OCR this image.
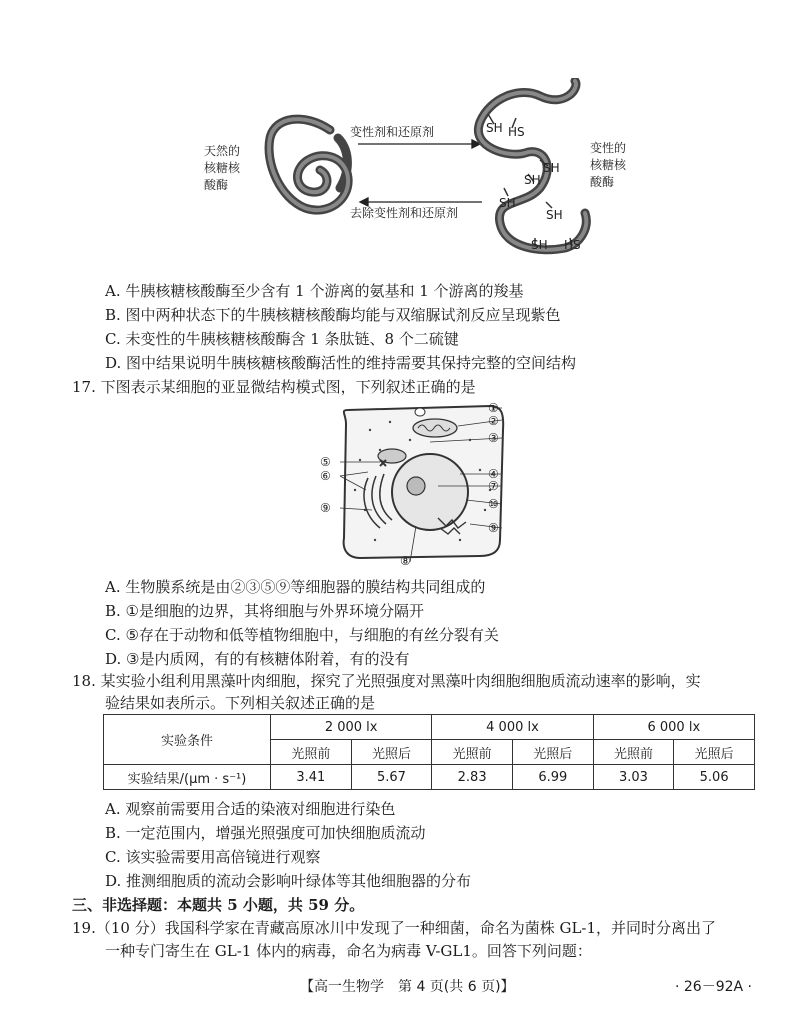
天然的
核糖核
酸酶
变性的
核糖核
酸酶
变性剂和还原剂
去除变性剂和还原剂
SH HS
SH
SH
SH
SH
SH HS
A. 牛胰核糖核酸酶至少含有 1 个游离的氨基和 1 个游离的羧基
B. 图中两种状态下的牛胰核糖核酸酶均能与双缩脲试剂反应呈现紫色
C. 未变性的牛胰核糖核酸酶含 1 条肽链、8 个二硫键
D. 图中结果说明牛胰核糖核酸酶活性的维持需要其保持完整的空间结构
17. 下图表示某细胞的亚显微结构模式图，下列叙述正确的是
①
②
③
④
⑤
⑥
⑦
⑧
⑨
⑨
⑩
A. 生物膜系统是由②③⑤⑨等细胞器的膜结构共同组成的
B. ①是细胞的边界，其将细胞与外界环境分隔开
C. ⑤存在于动物和低等植物细胞中，与细胞的有丝分裂有关
D. ③是内质网，有的有核糖体附着，有的没有
18. 某实验小组利用黑藻叶肉细胞，探究了光照强度对黑藻叶肉细胞细胞质流动速率的影响，实
验结果如表所示。下列相关叙述正确的是
实验条件	2 000 lx		4 000 lx		6 000 lx	
	光照前	光照后	光照前	光照后	光照前	光照后
实验结果/(μm · s⁻¹)	3.41	5.67	2.83	6.99	3.03	5.06
A. 观察前需要用合适的染液对细胞进行染色
B. 一定范围内，增强光照强度可加快细胞质流动
C. 该实验需要用高倍镜进行观察
D. 推测细胞质的流动会影响叶绿体等其他细胞器的分布
三、非选择题：本题共 5 小题，共 59 分。
19.（10 分）我国科学家在青藏高原冰川中发现了一种细菌，命名为菌株 GL-1，并同时分离出了
一种专门寄生在 GL-1 体内的病毒，命名为病毒 V-GL1。回答下列问题：
【高一生物学　第 4 页(共 6 页)】	· 26－92A ·
